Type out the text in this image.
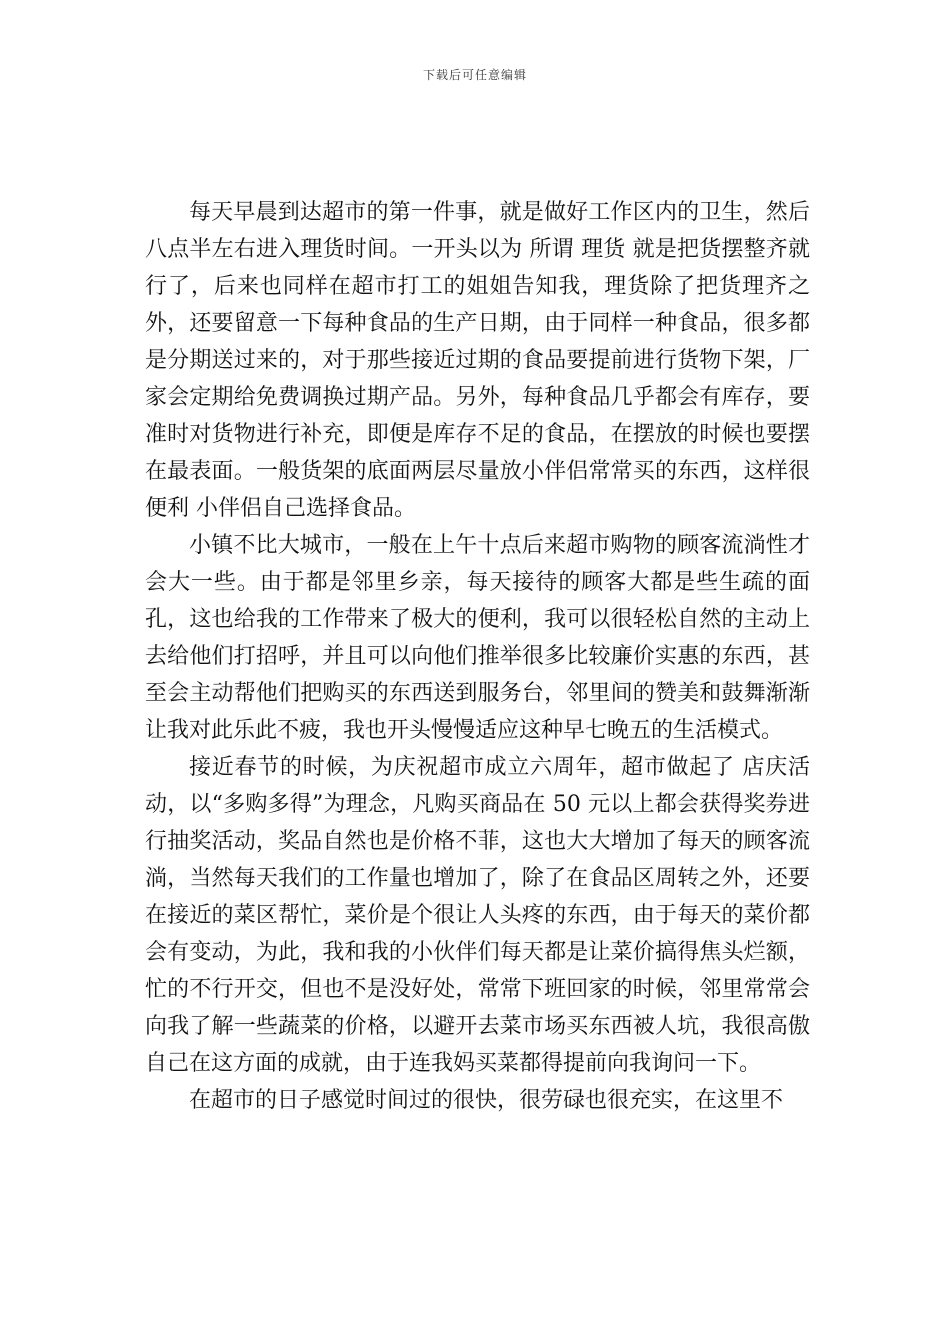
下载后可任意编辑

每天早晨到达超市的第一件事，就是做好工作区内的卫生，然后八点半左右进入理货时间。一开头以为 所谓 理货 就是把货摆整齐就行了，后来也同样在超市打工的姐姐告知我，理货除了把货理齐之外，还要留意一下每种食品的生产日期，由于同样一种食品，很多都是分期送过来的，对于那些接近过期的食品要提前进行货物下架，厂家会定期给免费调换过期产品。另外，每种食品几乎都会有库存，要准时对货物进行补充，即便是库存不足的食品，在摆放的时候也要摆在最表面。一般货架的底面两层尽量放小伴侣常常买的东西，这样很便利 小伴侣自己选择食品。

小镇不比大城市，一般在上午十点后来超市购物的顾客流淌性才会大一些。由于都是邻里乡亲，每天接待的顾客大都是些生疏的面孔，这也给我的工作带来了极大的便利，我可以很轻松自然的主动上去给他们打招呼，并且可以向他们推举很多比较廉价实惠的东西，甚至会主动帮他们把购买的东西送到服务台，邻里间的赞美和鼓舞渐渐让我对此乐此不疲，我也开头慢慢适应这种早七晚五的生活模式。

接近春节的时候，为庆祝超市成立六周年，超市做起了 店庆活动，以“多购多得”为理念，凡购买商品在 50 元以上都会获得奖券进行抽奖活动，奖品自然也是价格不菲，这也大大增加了每天的顾客流淌，当然每天我们的工作量也增加了，除了在食品区周转之外，还要在接近的菜区帮忙，菜价是个很让人头疼的东西，由于每天的菜价都会有变动，为此，我和我的小伙伴们每天都是让菜价搞得焦头烂额，忙的不行开交，但也不是没好处，常常下班回家的时候，邻里常常会向我了解一些蔬菜的价格，以避开去菜市场买东西被人坑，我很高傲自己在这方面的成就，由于连我妈买菜都得提前向我询问一下。

在超市的日子感觉时间过的很快，很劳碌也很充实，在这里不
